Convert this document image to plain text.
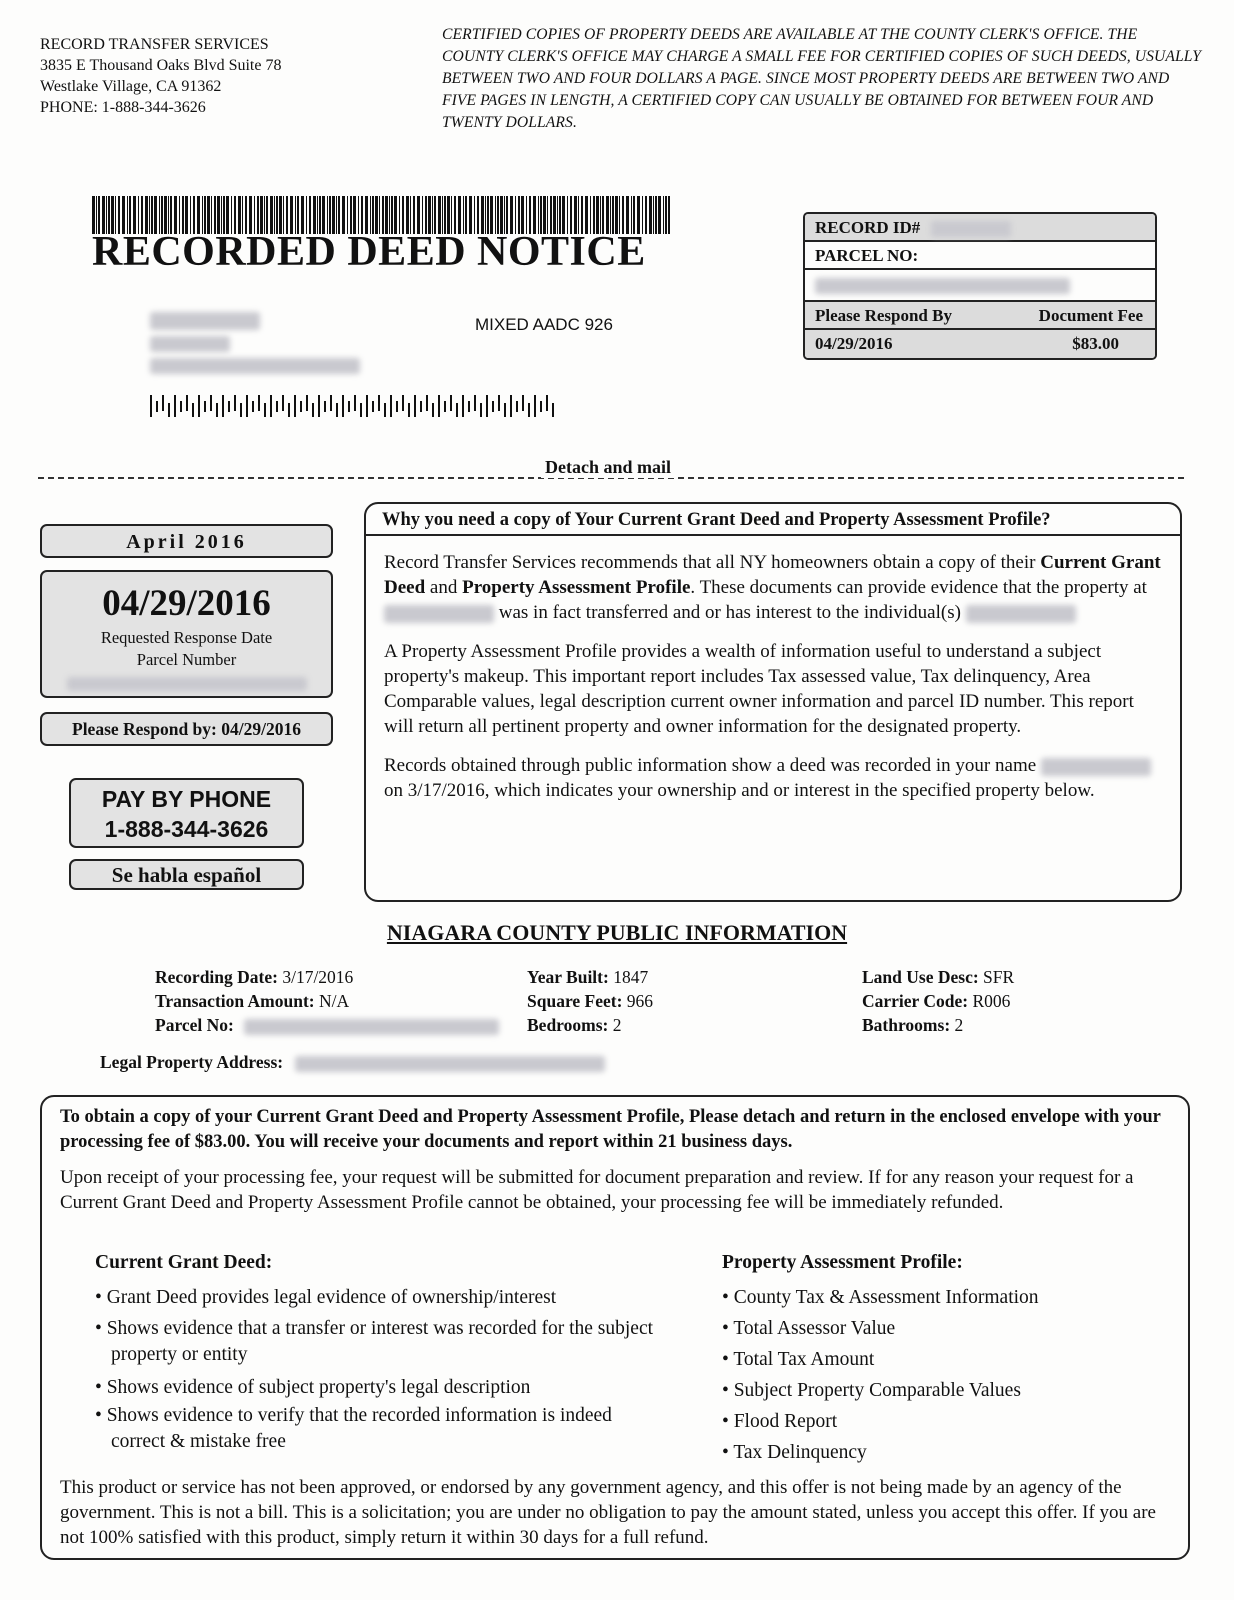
RECORD TRANSFER SERVICES
3835 E Thousand Oaks Blvd Suite 78
Westlake Village, CA 91362
PHONE: 1-888-344-3626
CERTIFIED COPIES OF PROPERTY DEEDS ARE AVAILABLE AT THE COUNTY CLERK'S OFFICE. THE COUNTY CLERK'S OFFICE MAY CHARGE A SMALL FEE FOR CERTIFIED COPIES OF SUCH DEEDS, USUALLY BETWEEN TWO AND FOUR DOLLARS A PAGE. SINCE MOST PROPERTY DEEDS ARE BETWEEN TWO AND FIVE PAGES IN LENGTH, A CERTIFIED COPY CAN USUALLY BE OBTAINED FOR BETWEEN FOUR AND TWENTY DOLLARS.
RECORDED DEED NOTICE
MIXED AADC 926
RECORD ID#
PARCEL NO:
Please Respond By	Document Fee
04/29/2016	$83.00
Detach and mail
April 2016
04/29/2016
Requested Response Date
Parcel Number
Please Respond by: 04/29/2016
PAY BY PHONE
1-888-344-3626
Se habla español
Why you need a copy of Your Current Grant Deed and Property Assessment Profile?

Record Transfer Services recommends that all NY homeowners obtain a copy of their Current Grant Deed and Property Assessment Profile. These documents can provide evidence that the property at  was in fact transferred and or has interest to the individual(s)

A Property Assessment Profile provides a wealth of information useful to understand a subject property's makeup. This important report includes Tax assessed value, Tax delinquency, Area Comparable values, legal description current owner information and parcel ID number. This report will return all pertinent property and owner information for the designated property.

Records obtained through public information show a deed was recorded in your name  on 3/17/2016, which indicates your ownership and or interest in the specified property below.

NIAGARA COUNTY PUBLIC INFORMATION
Recording Date: 3/17/2016
Transaction Amount: N/A
Parcel No:
Year Built: 1847
Square Feet: 966
Bedrooms: 2
Land Use Desc: SFR
Carrier Code: R006
Bathrooms: 2
Legal Property Address:
To obtain a copy of your Current Grant Deed and Property Assessment Profile, Please detach and return in the enclosed envelope with your processing fee of $83.00. You will receive your documents and report within 21 business days.
Upon receipt of your processing fee, your request will be submitted for document preparation and review. If for any reason your request for a Current Grant Deed and Property Assessment Profile cannot be obtained, your processing fee will be immediately refunded.
Current Grant Deed:
• Grant Deed provides legal evidence of ownership/interest
• Shows evidence that a transfer or interest was recorded for the subject property or entity
• Shows evidence of subject property's legal description
• Shows evidence to verify that the recorded information is indeed correct & mistake free
Property Assessment Profile:
• County Tax & Assessment Information
• Total Assessor Value
• Total Tax Amount
• Subject Property Comparable Values
• Flood Report
• Tax Delinquency
This product or service has not been approved, or endorsed by any government agency, and this offer is not being made by an agency of the government. This is not a bill. This is a solicitation; you are under no obligation to pay the amount stated, unless you accept this offer. If you are not 100% satisfied with this product, simply return it within 30 days for a full refund.
